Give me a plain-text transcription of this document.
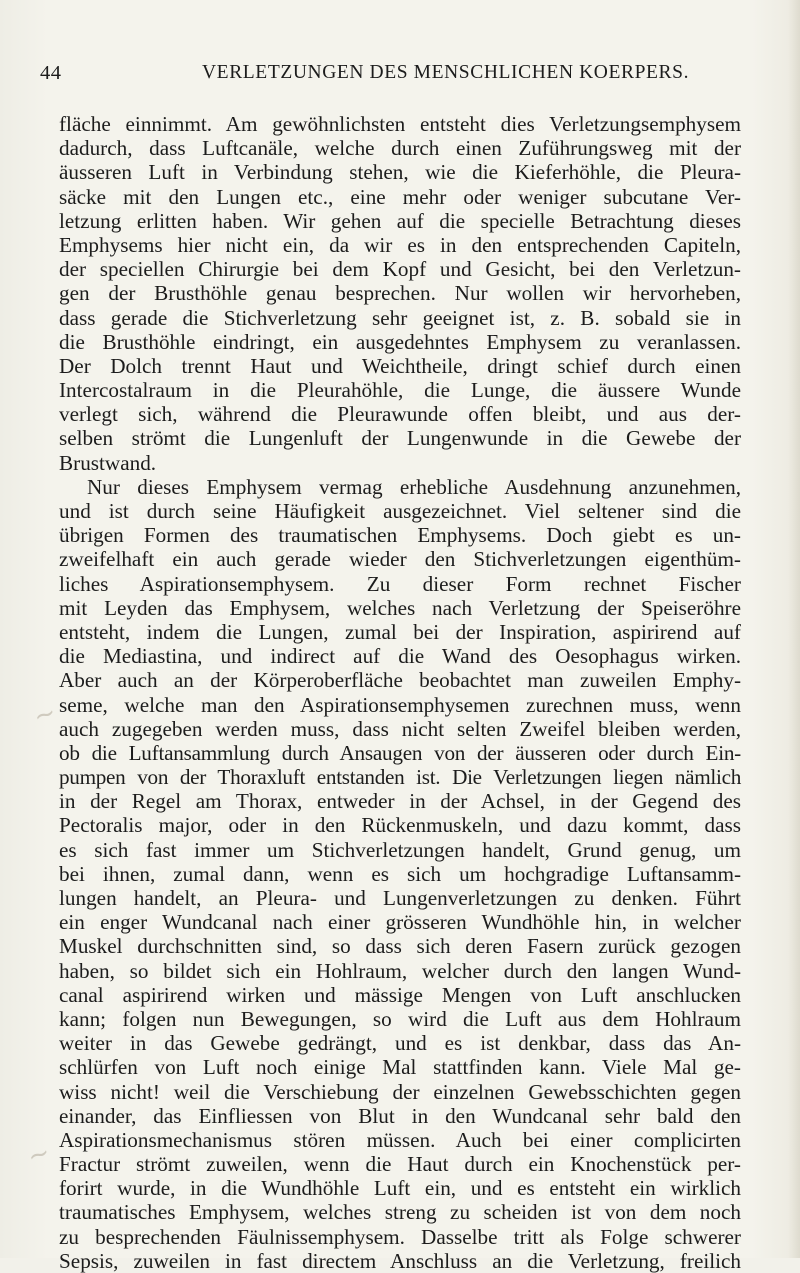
~
~
44	VERLETZUNGEN DES MENSCHLICHEN KOERPERS.
fläche einnimmt. Am gewöhnlichsten entsteht dies Verletzungsemphysem
dadurch, dass Luftcanäle, welche durch einen Zuführungsweg mit der
äusseren Luft in Verbindung stehen, wie die Kieferhöhle, die Pleura-
säcke mit den Lungen etc., eine mehr oder weniger subcutane Ver-
letzung erlitten haben. Wir gehen auf die specielle Betrachtung dieses
Emphysems hier nicht ein, da wir es in den entsprechenden Capiteln,
der speciellen Chirurgie bei dem Kopf und Gesicht, bei den Verletzun-
gen der Brusthöhle genau besprechen. Nur wollen wir hervorheben,
dass gerade die Stichverletzung sehr geeignet ist, z. B. sobald sie in
die Brusthöhle eindringt, ein ausgedehntes Emphysem zu veranlassen.
Der Dolch trennt Haut und Weichtheile, dringt schief durch einen
Intercostalraum in die Pleurahöhle, die Lunge, die äussere Wunde
verlegt sich, während die Pleurawunde offen bleibt, und aus der-
selben strömt die Lungenluft der Lungenwunde in die Gewebe der
Brustwand.
Nur dieses Emphysem vermag erhebliche Ausdehnung anzunehmen,
und ist durch seine Häufigkeit ausgezeichnet. Viel seltener sind die
übrigen Formen des traumatischen Emphysems. Doch giebt es un-
zweifelhaft ein auch gerade wieder den Stichverletzungen eigenthüm-
liches Aspirationsemphysem. Zu dieser Form rechnet Fischer
mit Leyden das Emphysem, welches nach Verletzung der Speiseröhre
entsteht, indem die Lungen, zumal bei der Inspiration, aspirirend auf
die Mediastina, und indirect auf die Wand des Oesophagus wirken.
Aber auch an der Körperoberfläche beobachtet man zuweilen Emphy-
seme, welche man den Aspirationsemphysemen zurechnen muss, wenn
auch zugegeben werden muss, dass nicht selten Zweifel bleiben werden,
ob die Luftansammlung durch Ansaugen von der äusseren oder durch Ein-
pumpen von der Thoraxluft entstanden ist. Die Verletzungen liegen nämlich
in der Regel am Thorax, entweder in der Achsel, in der Gegend des
Pectoralis major, oder in den Rückenmuskeln, und dazu kommt, dass
es sich fast immer um Stichverletzungen handelt, Grund genug, um
bei ihnen, zumal dann, wenn es sich um hochgradige Luftansamm-
lungen handelt, an Pleura- und Lungenverletzungen zu denken. Führt
ein enger Wundcanal nach einer grösseren Wundhöhle hin, in welcher
Muskel durchschnitten sind, so dass sich deren Fasern zurück gezogen
haben, so bildet sich ein Hohlraum, welcher durch den langen Wund-
canal aspirirend wirken und mässige Mengen von Luft anschlucken
kann; folgen nun Bewegungen, so wird die Luft aus dem Hohlraum
weiter in das Gewebe gedrängt, und es ist denkbar, dass das An-
schlürfen von Luft noch einige Mal stattfinden kann. Viele Mal ge-
wiss nicht! weil die Verschiebung der einzelnen Gewebsschichten gegen
einander, das Einfliessen von Blut in den Wundcanal sehr bald den
Aspirationsmechanismus stören müssen. Auch bei einer complicirten
Fractur strömt zuweilen, wenn die Haut durch ein Knochenstück per-
forirt wurde, in die Wundhöhle Luft ein, und es entsteht ein wirklich
traumatisches Emphysem, welches streng zu scheiden ist von dem noch
zu besprechenden Fäulnissemphysem. Dasselbe tritt als Folge schwerer
Sepsis, zuweilen in fast directem Anschluss an die Verletzung, freilich
